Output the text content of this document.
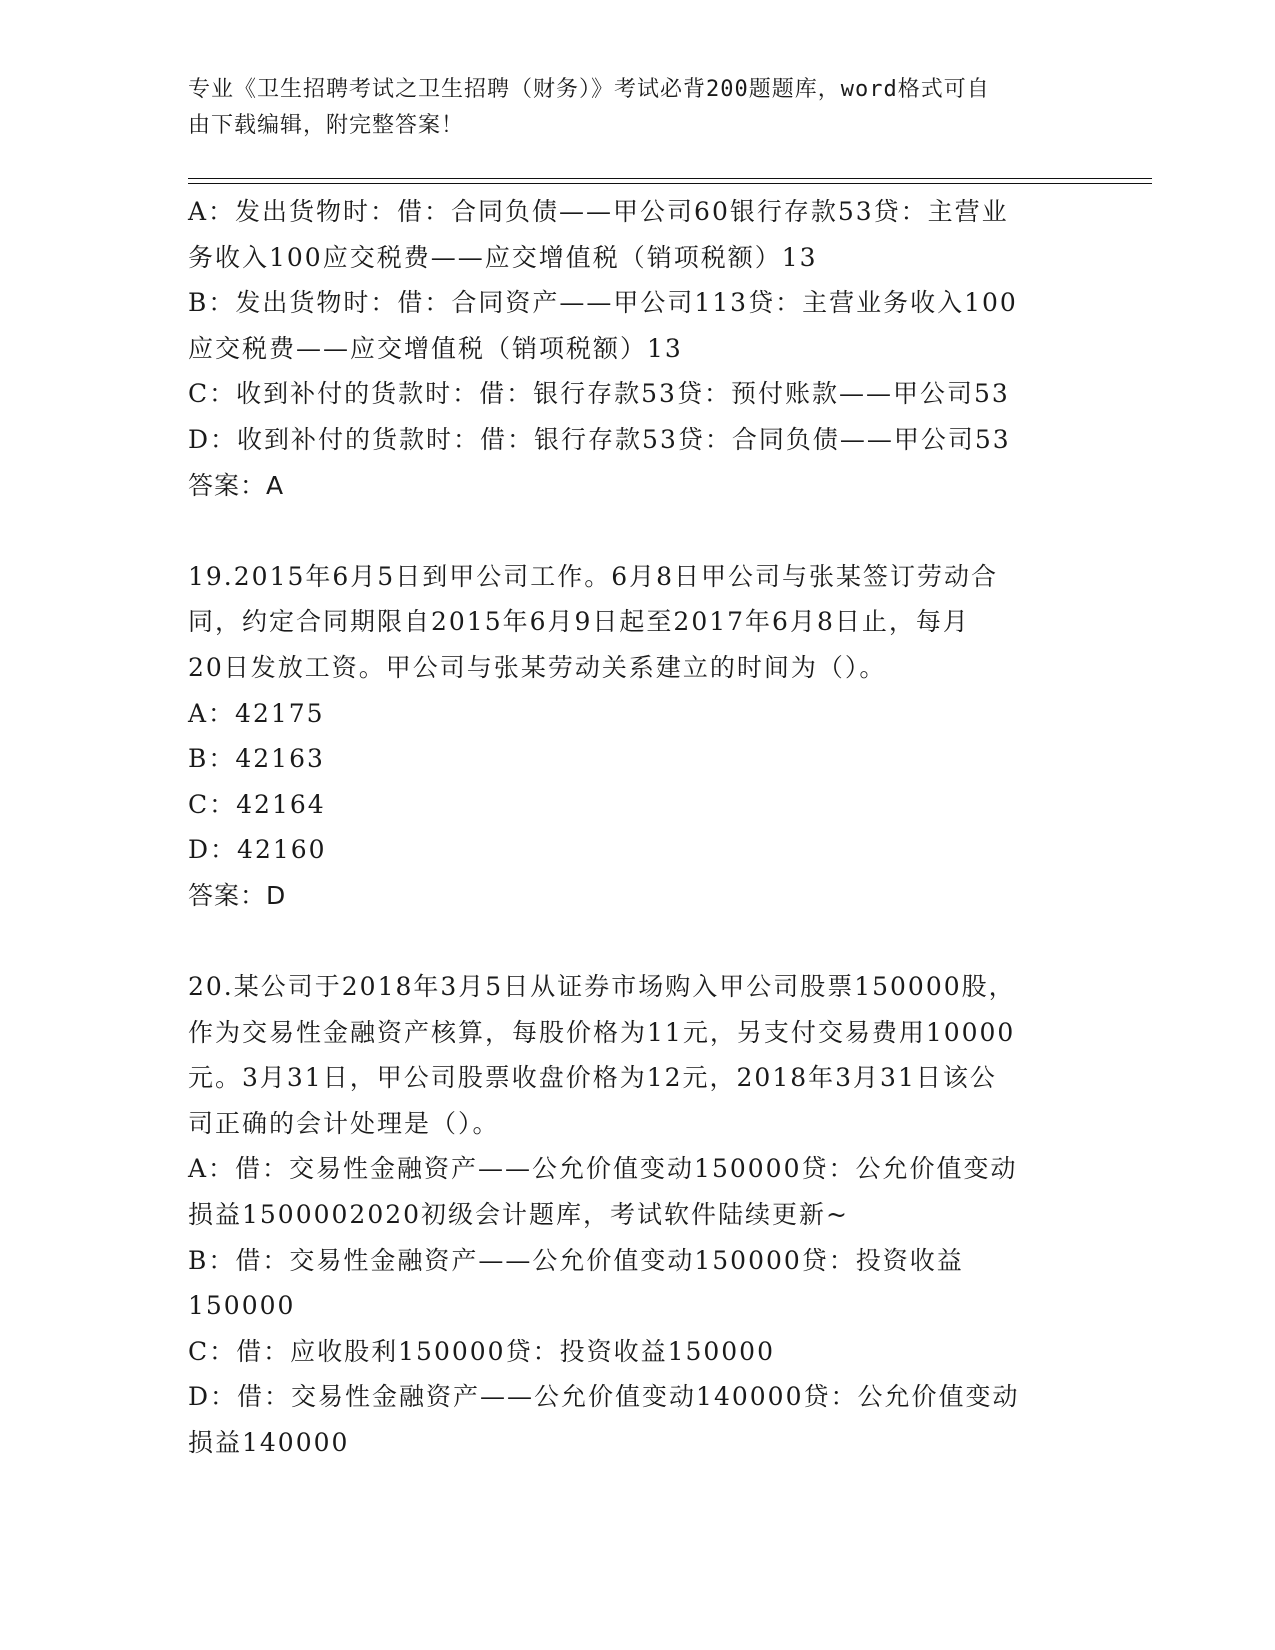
专业《卫生招聘考试之卫生招聘（财务）》考试必背200题题库，word格式可自
由下载编辑，附完整答案！
A：发出货物时：借：合同负债——甲公司60银行存款53贷：主营业
务收入100应交税费——应交增值税（销项税额）13
B：发出货物时：借：合同资产——甲公司113贷：主营业务收入100
应交税费——应交增值税（销项税额）13
C：收到补付的货款时：借：银行存款53贷：预付账款——甲公司53
D：收到补付的货款时：借：银行存款53贷：合同负债——甲公司53
答案：A
19.2015年6月5日到甲公司工作。6月8日甲公司与张某签订劳动合
同，约定合同期限自2015年6月9日起至2017年6月8日止，每月
20日发放工资。甲公司与张某劳动关系建立的时间为（）。
A：42175
B：42163
C：42164
D：42160
答案：D
20.某公司于2018年3月5日从证券市场购入甲公司股票150000股，
作为交易性金融资产核算，每股价格为11元，另支付交易费用10000
元。3月31日，甲公司股票收盘价格为12元，2018年3月31日该公
司正确的会计处理是（）。
A：借：交易性金融资产——公允价值变动150000贷：公允价值变动
损益1500002020初级会计题库，考试软件陆续更新~
B：借：交易性金融资产——公允价值变动150000贷：投资收益
150000
C：借：应收股利150000贷：投资收益150000
D：借：交易性金融资产——公允价值变动140000贷：公允价值变动
损益140000
